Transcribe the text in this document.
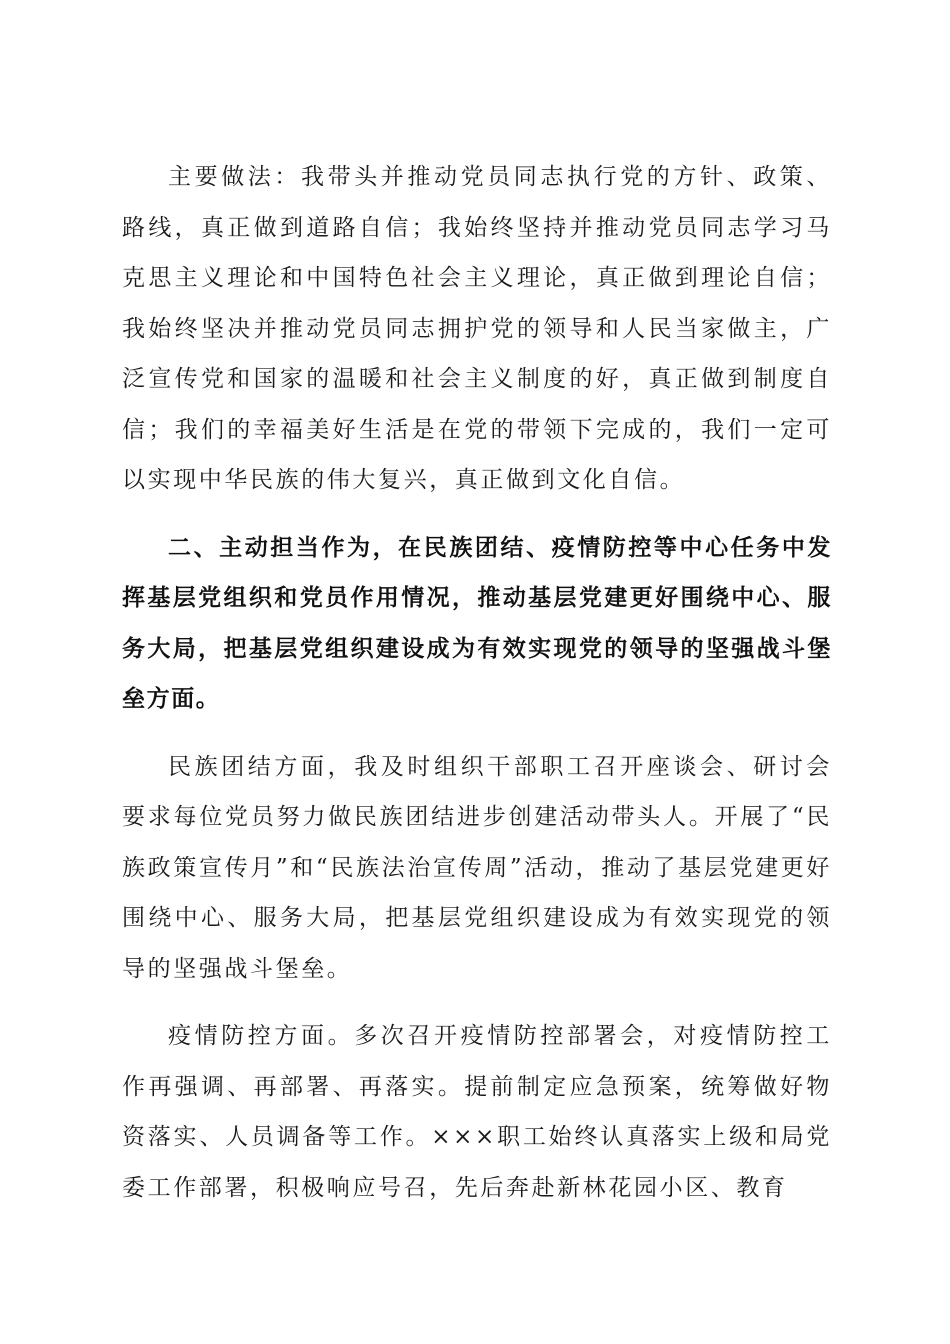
主要做法：我带头并推动党员同志执行党的方针、政策、路线，真正做到道路自信；我始终坚持并推动党员同志学习马克思主义理论和中国特色社会主义理论，真正做到理论自信；我始终坚决并推动党员同志拥护党的领导和人民当家做主，广泛宣传党和国家的温暖和社会主义制度的好，真正做到制度自信；我们的幸福美好生活是在党的带领下完成的，我们一定可以实现中华民族的伟大复兴，真正做到文化自信。

二、主动担当作为，在民族团结、疫情防控等中心任务中发挥基层党组织和党员作用情况，推动基层党建更好围绕中心、服务大局，把基层党组织建设成为有效实现党的领导的坚强战斗堡垒方面。

民族团结方面，我及时组织干部职工召开座谈会、研讨会要求每位党员努力做民族团结进步创建活动带头人。开展了“民族政策宣传月”和“民族法治宣传周”活动，推动了基层党建更好围绕中心、服务大局，把基层党组织建设成为有效实现党的领导的坚强战斗堡垒。

疫情防控方面。多次召开疫情防控部署会，对疫情防控工作再强调、再部署、再落实。提前制定应急预案，统筹做好物资落实、人员调备等工作。×××职工始终认真落实上级和局党委工作部署，积极响应号召，先后奔赴新林花园小区、教育
